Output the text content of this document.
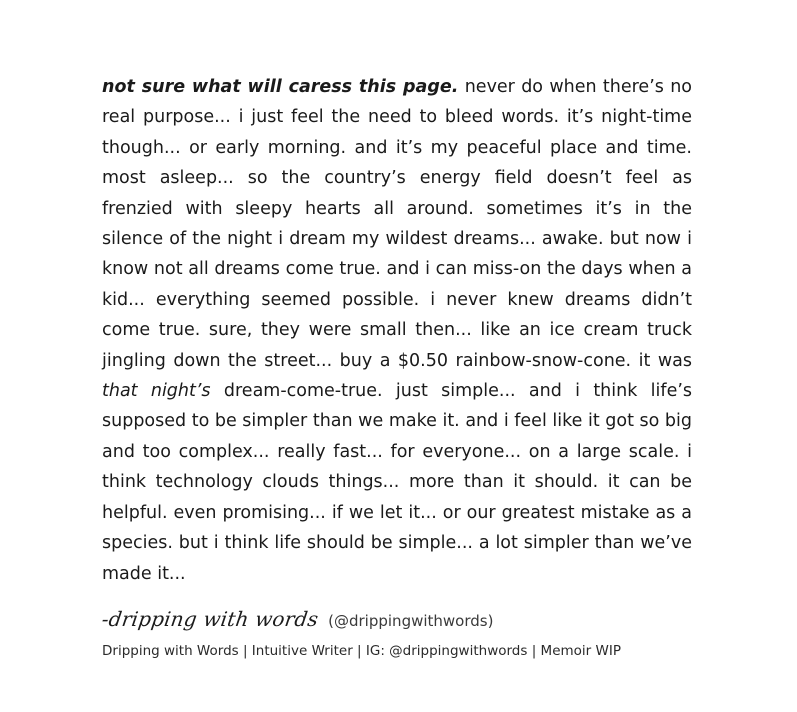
not sure what will caress this page. never do when there’s no real purpose... i just feel the need to bleed words. it’s night-time though... or early morning. and it’s my peaceful place and time. most asleep... so the country’s energy field doesn’t feel as frenzied with sleepy hearts all around. sometimes it’s in the silence of the night i dream my wildest dreams... awake. but now i know not all dreams come true. and i can miss-on the days when a kid... everything seemed possible. i never knew dreams didn’t come true. sure, they were small then... like an ice cream truck jingling down the street... buy a $0.50 rainbow-snow-cone. it was that night’s dream-come-true. just simple... and i think life’s supposed to be simpler than we make it. and i feel like it got so big and too complex... really fast... for everyone... on a large scale. i think technology clouds things... more than it should. it can be helpful. even promising... if we let it... or our greatest mistake as a species. but i think life should be simple... a lot simpler than we’ve made it...

-dripping with words (@drippingwithwords)
Dripping with Words | Intuitive Writer | IG: @drippingwithwords | Memoir WIP
